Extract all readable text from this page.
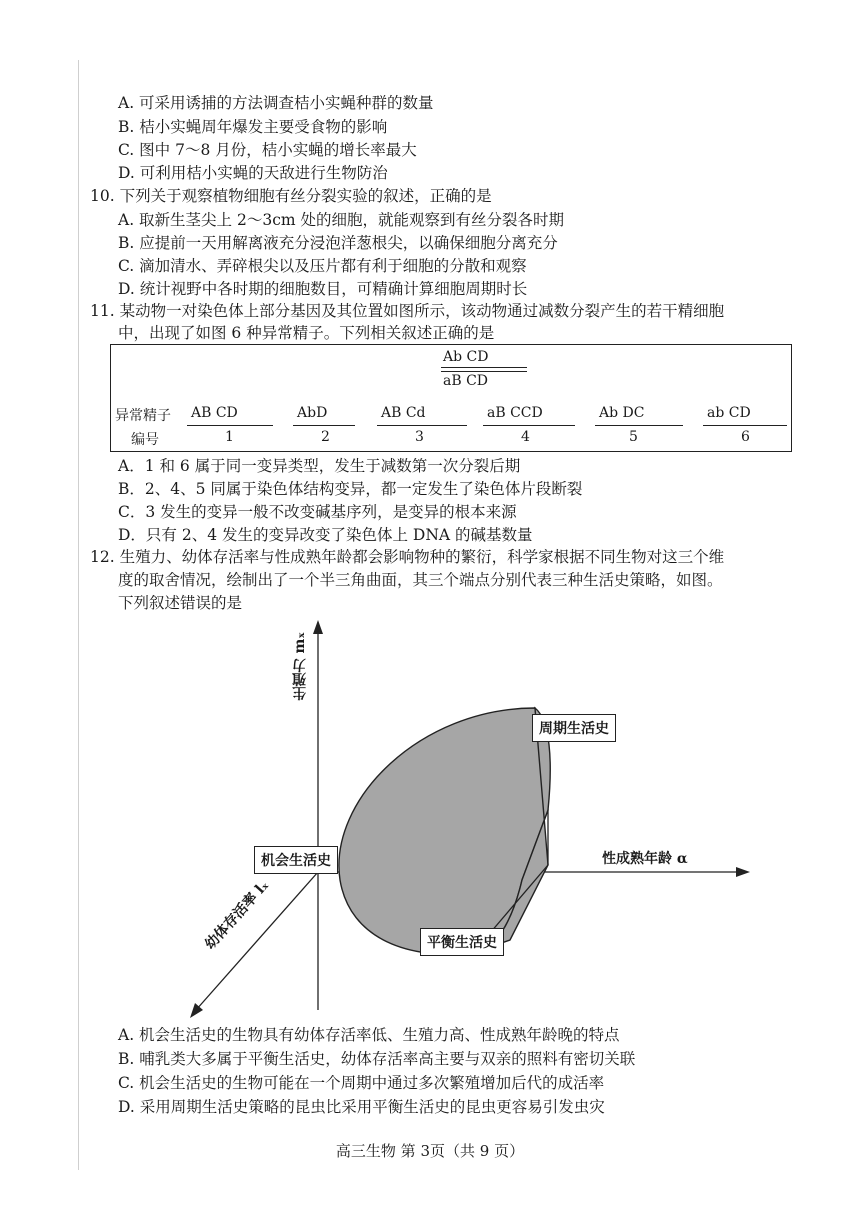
A. 可采用诱捕的方法调查桔小实蝇种群的数量
B. 桔小实蝇周年爆发主要受食物的影响
C. 图中 7～8 月份，桔小实蝇的增长率最大
D. 可利用桔小实蝇的天敌进行生物防治
10. 下列关于观察植物细胞有丝分裂实验的叙述，正确的是
A. 取新生茎尖上 2～3cm 处的细胞，就能观察到有丝分裂各时期
B. 应提前一天用解离液充分浸泡洋葱根尖，以确保细胞分离充分
C. 滴加清水、弄碎根尖以及压片都有利于细胞的分散和观察
D. 统计视野中各时期的细胞数目，可精确计算细胞周期时长
11. 某动物一对染色体上部分基因及其位置如图所示，该动物通过减数分裂产生的若干精细胞
中，出现了如图 6 种异常精子。下列相关叙述正确的是
Ab CD
aB CD
异常精子
编号
AB CD
1
AbD
2
AB Cd
3
aB CCD
4
Ab DC
5
ab CD
6
A．1 和 6 属于同一变异类型，发生于减数第一次分裂后期
B．2、4、5 同属于染色体结构变异，都一定发生了染色体片段断裂
C．3 发生的变异一般不改变碱基序列，是变异的根本来源
D．只有 2、4 发生的变异改变了染色体上 DNA 的碱基数量
12. 生殖力、幼体存活率与性成熟年龄都会影响物种的繁衍，科学家根据不同生物对这三个维
度的取舍情况，绘制出了一个半三角曲面，其三个端点分别代表三种生活史策略，如图。
下列叙述错误的是
生殖力 mₓ
性成熟年龄 α
幼体存活率 lₓ
周期生活史
机会生活史
平衡生活史
A. 机会生活史的生物具有幼体存活率低、生殖力高、性成熟年龄晚的特点
B. 哺乳类大多属于平衡生活史，幼体存活率高主要与双亲的照料有密切关联
C. 机会生活史的生物可能在一个周期中通过多次繁殖增加后代的成活率
D. 采用周期生活史策略的昆虫比采用平衡生活史的昆虫更容易引发虫灾
高三生物 第 3页（共 9 页）
